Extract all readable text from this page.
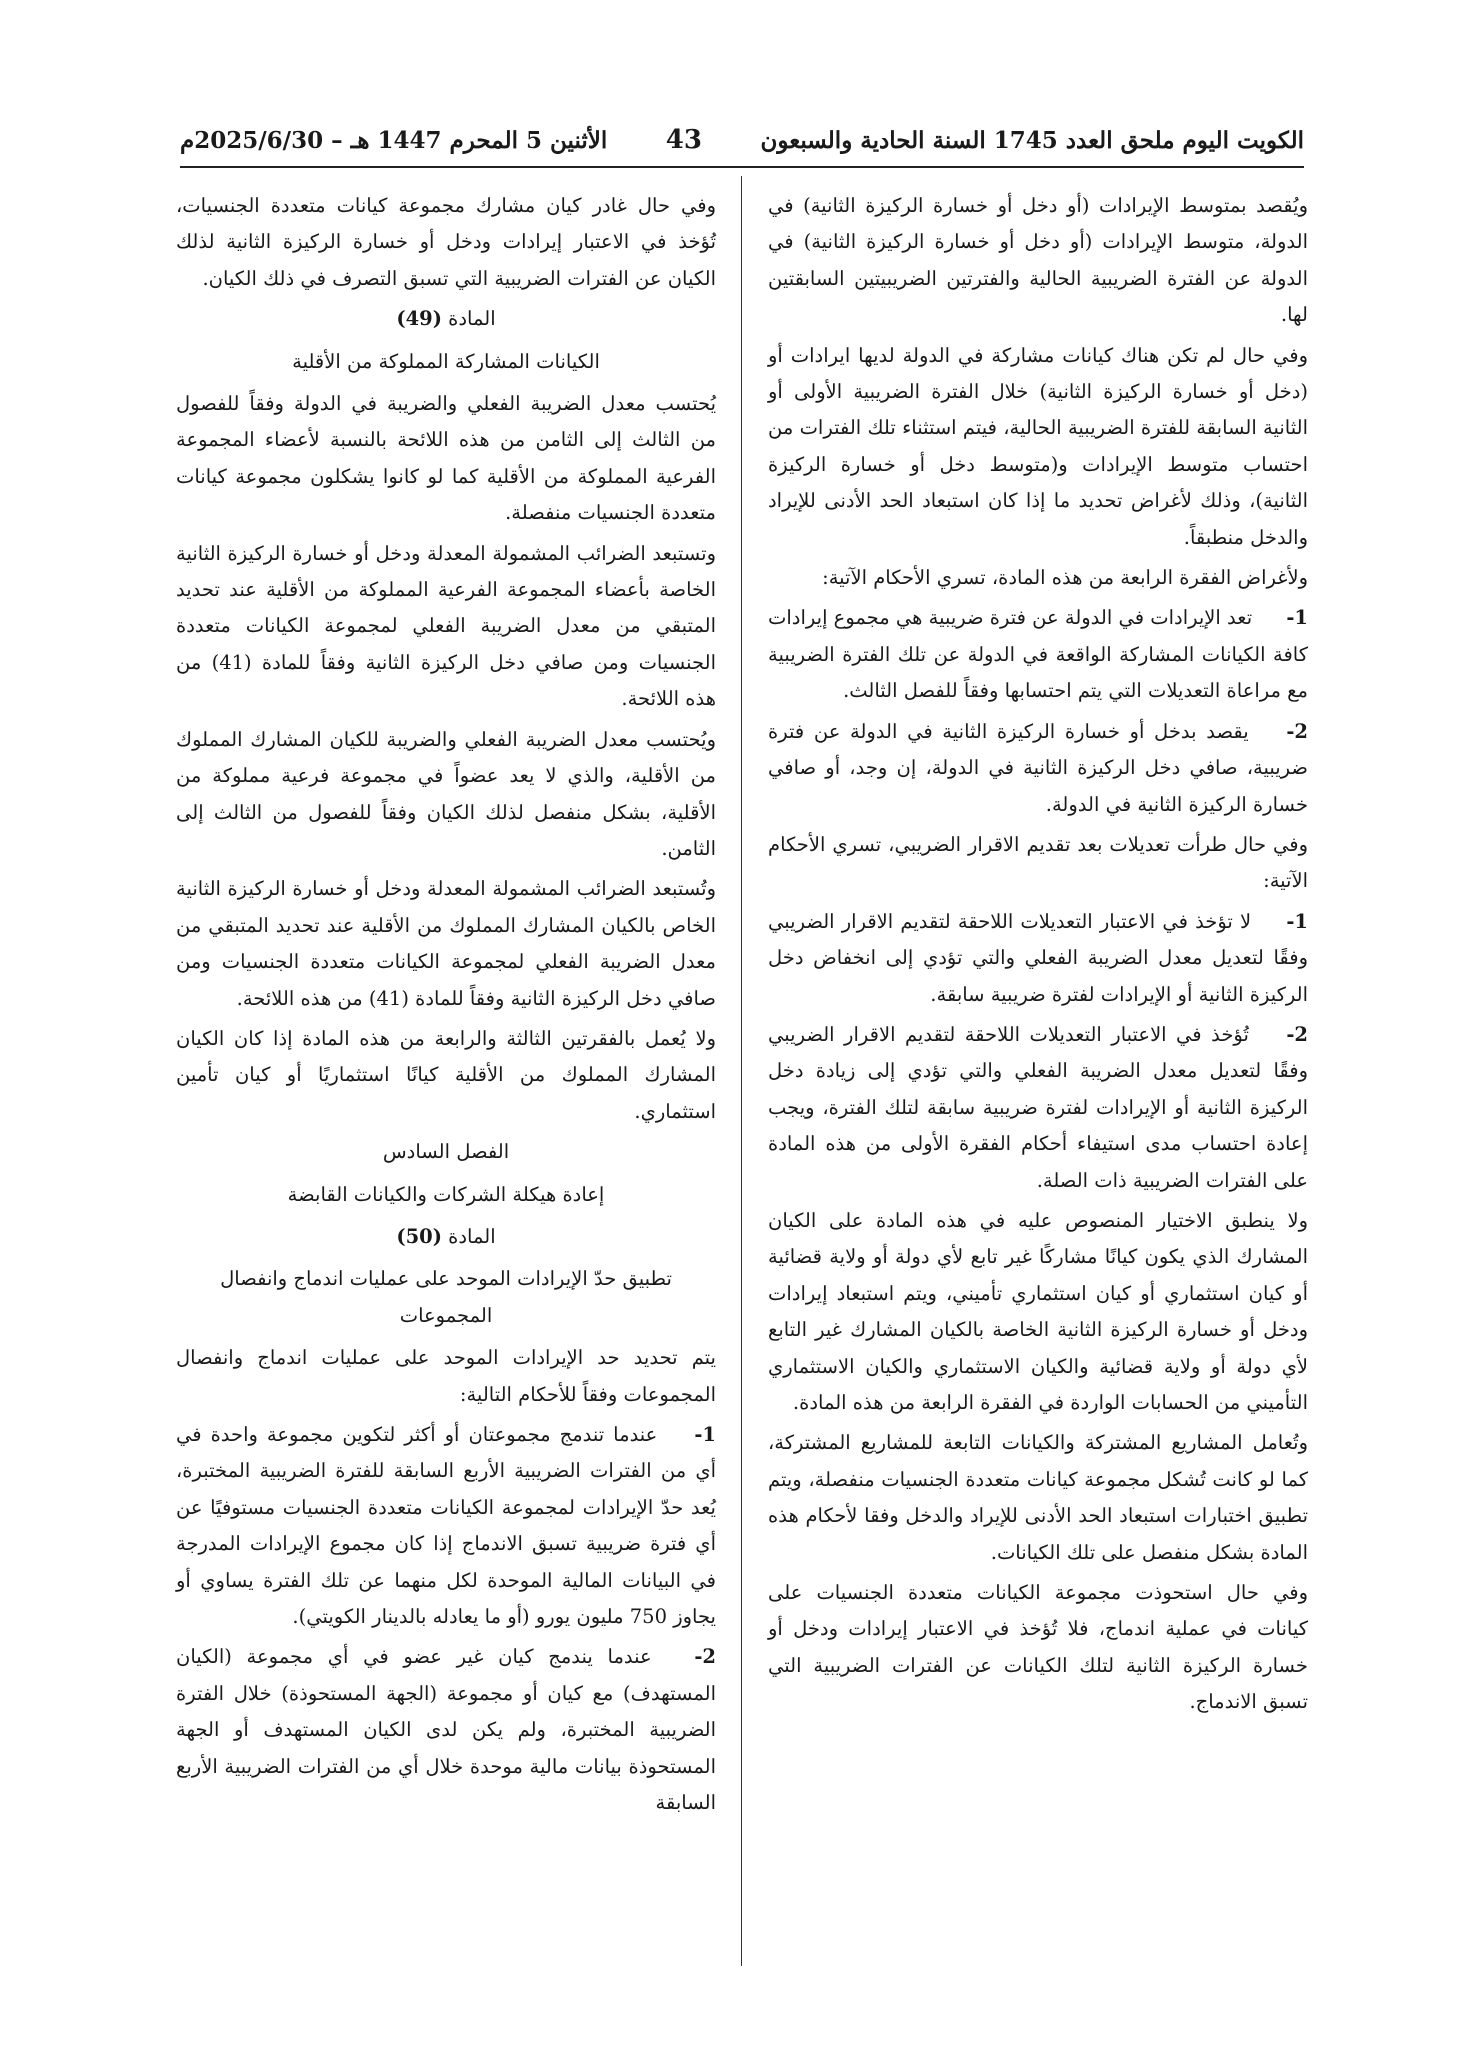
الكويت اليوم ملحق العدد 1745 السنة الحادية والسبعون
43
الأثنين 5 المحرم 1447 هـ – 2025/6/30م

ويُقصد بمتوسط الإيرادات (أو دخل أو خسارة الركيزة الثانية) في الدولة، متوسط الإيرادات (أو دخل أو خسارة الركيزة الثانية) في الدولة عن الفترة الضريبية الحالية والفترتين الضريبيتين السابقتين لها.

وفي حال لم تكن هناك كيانات مشاركة في الدولة لديها ايرادات أو (دخل أو خسارة الركيزة الثانية) خلال الفترة الضريبية الأولى أو الثانية السابقة للفترة الضريبية الحالية، فيتم استثناء تلك الفترات من احتساب متوسط الإيرادات و(متوسط دخل أو خسارة الركيزة الثانية)، وذلك لأغراض تحديد ما إذا كان استبعاد الحد الأدنى للإيراد والدخل منطبقاً.

ولأغراض الفقرة الرابعة من هذه المادة، تسري الأحكام الآتية:

1- تعد الإيرادات في الدولة عن فترة ضريبية هي مجموع إيرادات كافة الكيانات المشاركة الواقعة في الدولة عن تلك الفترة الضريبية مع مراعاة التعديلات التي يتم احتسابها وفقاً للفصل الثالث.

2- يقصد بدخل أو خسارة الركيزة الثانية في الدولة عن فترة ضريبية، صافي دخل الركيزة الثانية في الدولة، إن وجد، أو صافي خسارة الركيزة الثانية في الدولة.

وفي حال طرأت تعديلات بعد تقديم الاقرار الضريبي، تسري الأحكام الآتية:

1- لا تؤخذ في الاعتبار التعديلات اللاحقة لتقديم الاقرار الضريبي وفقًا لتعديل معدل الضريبة الفعلي والتي تؤدي إلى انخفاض دخل الركيزة الثانية أو الإيرادات لفترة ضريبية سابقة.

2- تُؤخذ في الاعتبار التعديلات اللاحقة لتقديم الاقرار الضريبي وفقًا لتعديل معدل الضريبة الفعلي والتي تؤدي إلى زيادة دخل الركيزة الثانية أو الإيرادات لفترة ضريبية سابقة لتلك الفترة، ويجب إعادة احتساب مدى استيفاء أحكام الفقرة الأولى من هذه المادة على الفترات الضريبية ذات الصلة.

ولا ينطبق الاختيار المنصوص عليه في هذه المادة على الكيان المشارك الذي يكون كيانًا مشاركًا غير تابع لأي دولة أو ولاية قضائية أو كيان استثماري أو كيان استثماري تأميني، ويتم استبعاد إيرادات ودخل أو خسارة الركيزة الثانية الخاصة بالكيان المشارك غير التابع لأي دولة أو ولاية قضائية والكيان الاستثماري والكيان الاستثماري التأميني من الحسابات الواردة في الفقرة الرابعة من هذه المادة.

وتُعامل المشاريع المشتركة والكيانات التابعة للمشاريع المشتركة، كما لو كانت تُشكل مجموعة كيانات متعددة الجنسيات منفصلة، ويتم تطبيق اختبارات استبعاد الحد الأدنى للإيراد والدخل وفقا لأحكام هذه المادة بشكل منفصل على تلك الكيانات.

وفي حال استحوذت مجموعة الكيانات متعددة الجنسيات على كيانات في عملية اندماج، فلا تُؤخذ في الاعتبار إيرادات ودخل أو خسارة الركيزة الثانية لتلك الكيانات عن الفترات الضريبية التي تسبق الاندماج.

وفي حال غادر كيان مشارك مجموعة كيانات متعددة الجنسيات، تُؤخذ في الاعتبار إيرادات ودخل أو خسارة الركيزة الثانية لذلك الكيان عن الفترات الضريبية التي تسبق التصرف في ذلك الكيان.

المادة (49)

الكيانات المشاركة المملوكة من الأقلية

يُحتسب معدل الضريبة الفعلي والضريبة في الدولة وفقاً للفصول من الثالث إلى الثامن من هذه اللائحة بالنسبة لأعضاء المجموعة الفرعية المملوكة من الأقلية كما لو كانوا يشكلون مجموعة كيانات متعددة الجنسيات منفصلة.

وتستبعد الضرائب المشمولة المعدلة ودخل أو خسارة الركيزة الثانية الخاصة بأعضاء المجموعة الفرعية المملوكة من الأقلية عند تحديد المتبقي من معدل الضريبة الفعلي لمجموعة الكيانات متعددة الجنسيات ومن صافي دخل الركيزة الثانية وفقاً للمادة (41) من هذه اللائحة.

ويُحتسب معدل الضريبة الفعلي والضريبة للكيان المشارك المملوك من الأقلية، والذي لا يعد عضواً في مجموعة فرعية مملوكة من الأقلية، بشكل منفصل لذلك الكيان وفقاً للفصول من الثالث إلى الثامن.

وتُستبعد الضرائب المشمولة المعدلة ودخل أو خسارة الركيزة الثانية الخاص بالكيان المشارك المملوك من الأقلية عند تحديد المتبقي من معدل الضريبة الفعلي لمجموعة الكيانات متعددة الجنسيات ومن صافي دخل الركيزة الثانية وفقاً للمادة (41) من هذه اللائحة.

ولا يُعمل بالفقرتين الثالثة والرابعة من هذه المادة إذا كان الكيان المشارك المملوك من الأقلية كيانًا استثماريًا أو كيان تأمين استثماري.

الفصل السادس

إعادة هيكلة الشركات والكيانات القابضة

المادة (50)

تطبيق حدّ الإيرادات الموحد على عمليات اندماج وانفصال المجموعات

يتم تحديد حد الإيرادات الموحد على عمليات اندماج وانفصال المجموعات وفقاً للأحكام التالية:

1- عندما تندمج مجموعتان أو أكثر لتكوين مجموعة واحدة في أي من الفترات الضريبية الأربع السابقة للفترة الضريبية المختبرة، يُعد حدّ الإيرادات لمجموعة الكيانات متعددة الجنسيات مستوفيًا عن أي فترة ضريبية تسبق الاندماج إذا كان مجموع الإيرادات المدرجة في البيانات المالية الموحدة لكل منهما عن تلك الفترة يساوي أو يجاوز 750 مليون يورو (أو ما يعادله بالدينار الكويتي).

2- عندما يندمج كيان غير عضو في أي مجموعة (الكيان المستهدف) مع كيان أو مجموعة (الجهة المستحوذة) خلال الفترة الضريبية المختبرة، ولم يكن لدى الكيان المستهدف أو الجهة المستحوذة بيانات مالية موحدة خلال أي من الفترات الضريبية الأربع السابقة
